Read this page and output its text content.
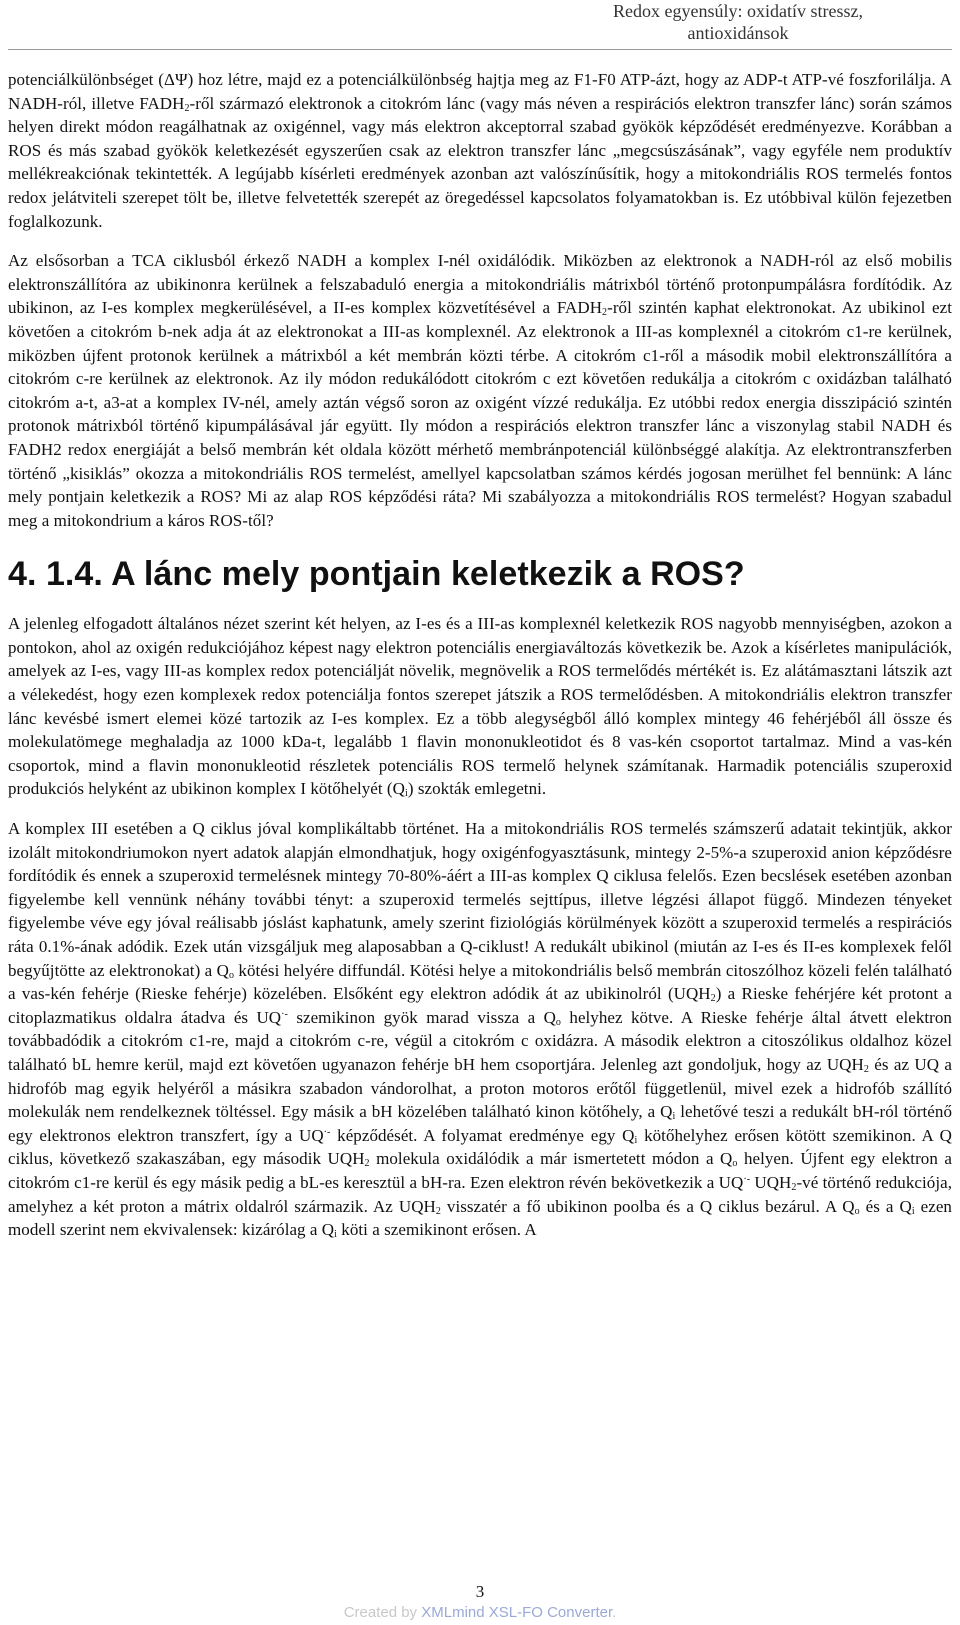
Redox egyensúly: oxidatív stressz,
antioxidánsok

potenciálkülönbséget (ΔΨ) hoz létre, majd ez a potenciálkülönbség hajtja meg az F1-F0 ATP-ázt, hogy az ADP-t ATP-vé foszforilálja. A NADH-ról, illetve $FADH_2$-ről származó elektronok a citokróm lánc (vagy más néven a respirációs elektron transzfer lánc) során számos helyen direkt módon reagálhatnak az oxigénnel, vagy más elektron akceptorral szabad gyökök képződését eredményezve. Korábban a ROS és más szabad gyökök keletkezését egyszerűen csak az elektron transzfer lánc „megcsúszásának”, vagy egyféle nem produktív mellékreakciónak tekintették. A legújabb kísérleti eredmények azonban azt valószínűsítik, hogy a mitokondriális ROS termelés fontos redox jelátviteli szerepet tölt be, illetve felvetették szerepét az öregedéssel kapcsolatos folyamatokban is. Ez utóbbival külön fejezetben foglalkozunk.

Az elsősorban a TCA ciklusból érkező NADH a komplex I-nél oxidálódik. Miközben az elektronok a NADH-ról az első mobilis elektronszállítóra az ubikinonra kerülnek a felszabaduló energia a mitokondriális mátrixból történő protonpumpálásra fordítódik. Az ubikinon, az I-es komplex megkerülésével, a II-es komplex közvetítésével a $FADH_2$-ről szintén kaphat elektronokat. Az ubikinol ezt követően a citokróm b-nek adja át az elektronokat a III-as komplexnél. Az elektronok a III-as komplexnél a citokróm c1-re kerülnek, miközben újfent protonok kerülnek a mátrixból a két membrán közti térbe. A citokróm c1-ről a második mobil elektronszállítóra a citokróm c-re kerülnek az elektronok. Az ily módon redukálódott citokróm c ezt követően redukálja a citokróm c oxidázban található citokróm a-t, a3-at a komplex IV-nél, amely aztán végső soron az oxigént vízzé redukálja. Ez utóbbi redox energia disszipáció szintén protonok mátrixból történő kipumpálásával jár együtt. Ily módon a respirációs elektron transzfer lánc a viszonylag stabil NADH és FADH2 redox energiáját a belső membrán két oldala között mérhető membránpotenciál különbséggé alakítja. Az elektrontranszferben történő „kisiklás” okozza a mitokondriális ROS termelést, amellyel kapcsolatban számos kérdés jogosan merülhet fel bennünk: A lánc mely pontjain keletkezik a ROS? Mi az alap ROS képződési ráta? Mi szabályozza a mitokondriális ROS termelést? Hogyan szabadul meg a mitokondrium a káros ROS-től?

4. 1.4. A lánc mely pontjain keletkezik a ROS?

A jelenleg elfogadott általános nézet szerint két helyen, az I-es és a III-as komplexnél keletkezik ROS nagyobb mennyiségben, azokon a pontokon, ahol az oxigén redukciójához képest nagy elektron potenciális energiaváltozás következik be. Azok a kísérletes manipulációk, amelyek az I-es, vagy III-as komplex redox potenciálját növelik, megnövelik a ROS termelődés mértékét is. Ez alátámasztani látszik azt a vélekedést, hogy ezen komplexek redox potenciálja fontos szerepet játszik a ROS termelődésben. A mitokondriális elektron transzfer lánc kevésbé ismert elemei közé tartozik az I-es komplex. Ez a több alegységből álló komplex mintegy 46 fehérjéből áll össze és molekulatömege meghaladja az 1000 kDa-t, legalább 1 flavin mononukleotidot és 8 vas-kén csoportot tartalmaz. Mind a vas-kén csoportok, mind a flavin mononukleotid részletek potenciális ROS termelő helynek számítanak. Harmadik potenciális szuperoxid produkciós helyként az ubikinon komplex I kötőhelyét $(Q_i)$ szokták emlegetni.

A komplex III esetében a Q ciklus jóval komplikáltabb történet. Ha a mitokondriális ROS termelés számszerű adatait tekintjük, akkor izolált mitokondriumokon nyert adatok alapján elmondhatjuk, hogy oxigénfogyasztásunk, mintegy 2-5%-a szuperoxid anion képződésre fordítódik és ennek a szuperoxid termelésnek mintegy 70-80%-áért a III-as komplex Q ciklusa felelős. Ezen becslések esetében azonban figyelembe kell vennünk néhány további tényt: a szuperoxid termelés sejttípus, illetve légzési állapot függő. Mindezen tényeket figyelembe véve egy jóval reálisabb jóslást kaphatunk, amely szerint fiziológiás körülmények között a szuperoxid termelés a respirációs ráta 0.1%-ának adódik. Ezek után vizsgáljuk meg alaposabban a Q-ciklust! A redukált ubikinol (miután az I-es és II-es komplexek felől begyűjtötte az elektronokat) a $Q_o$ kötési helyére diffundál. Kötési helye a mitokondriális belső membrán citoszólhoz közeli felén található a vas-kén fehérje (Rieske fehérje) közelében. Elsőként egy elektron adódik át az ubikinolról $(UQH_2)$ a Rieske fehérjére két protont a citoplazmatikus oldalra átadva és UQ·- szemikinon gyök marad vissza a $Q_o$ helyhez kötve. A Rieske fehérje által átvett elektron továbbadódik a citokróm c1-re, majd a citokróm c-re, végül a citokróm c oxidázra. A második elektron a citoszólikus oldalhoz közel található bL hemre kerül, majd ezt követően ugyanazon fehérje bH hem csoportjára. Jelenleg azt gondoljuk, hogy az $UQH_2$ és az UQ a hidrofób mag egyik helyéről a másikra szabadon vándorolhat, a proton motoros erőtől függetlenül, mivel ezek a hidrofób szállító molekulák nem rendelkeznek töltéssel. Egy másik a bH közelében található kinon kötőhely, a $Q_i$ lehetővé teszi a redukált bH-ról történő egy elektronos elektron transzfert, így a UQ·- képződését. A folyamat eredménye egy $Q_i$ kötőhelyhez erősen kötött szemikinon. A Q ciklus, következő szakaszában, egy második $UQH_2$ molekula oxidálódik a már ismertetett módon a $Q_o$ helyen. Újfent egy elektron a citokróm c1-re kerül és egy másik pedig a bL-es keresztül a bH-ra. Ezen elektron révén bekövetkezik a UQ·- $UQH_2-vé$ történő redukciója, amelyhez a két proton a mátrix oldalról származik. Az $UQH_2$ visszatér a fő ubikinon poolba és a Q ciklus bezárul. A $Q_o$ és a $Q_i$ ezen modell szerint nem ekvivalensek: kizárólag a $Q_i$ köti a szemikinont erősen. A

3
Created by XMLmind XSL-FO Converter.
